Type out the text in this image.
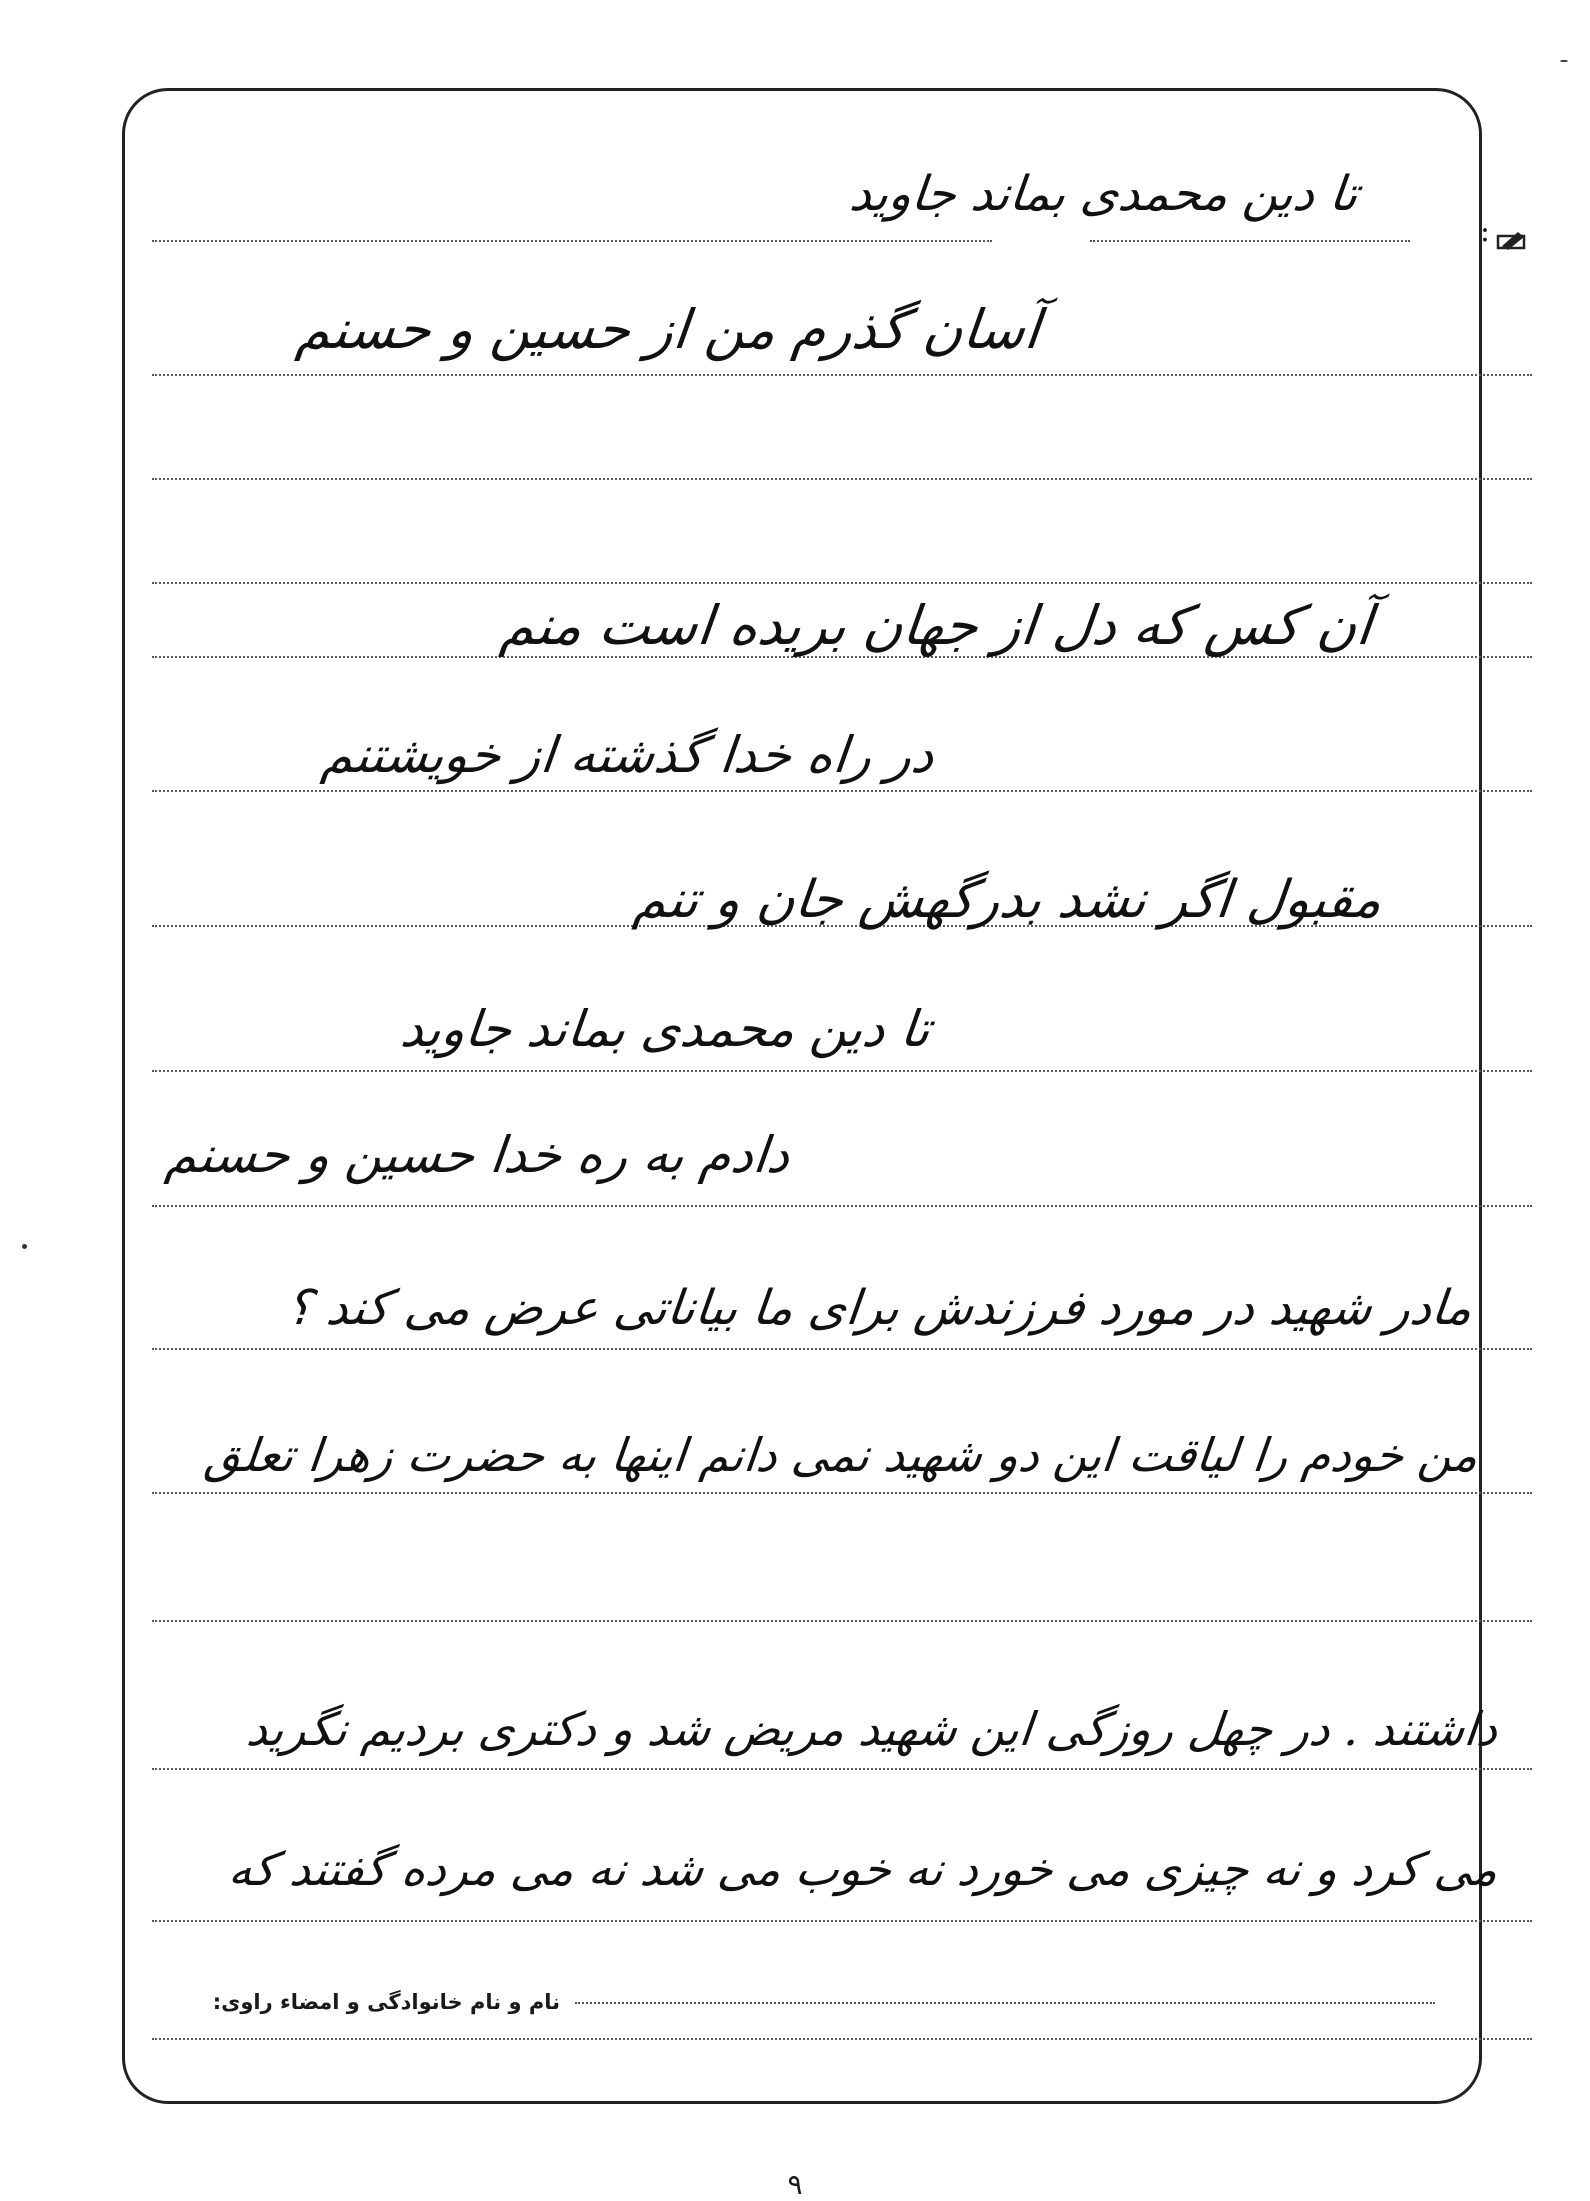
:
تا دین محمدی بماند جاوید
آسان گذرم من از حسین و حسنم
آن کس که دل از جهان بریده است منم
در راه خدا گذشته از خویشتنم
مقبول اگر نشد بدرگهش جان و تنم
تا دین محمدی بماند جاوید
دادم به ره خدا حسین و حسنم
مادر شهید در مورد فرزندش برای ما بیاناتی عرض می کند ؟
من خودم را لیاقت این دو شهید نمی دانم اینها به حضرت زهرا تعلق
داشتند . در چهل روزگی این شهید مریض شد و دکتری بردیم نگرید
می کرد و نه چیزی می خورد نه خوب می شد نه می مرده گفتند که
نام و نام خانوادگی و امضاء راوی:
۹
